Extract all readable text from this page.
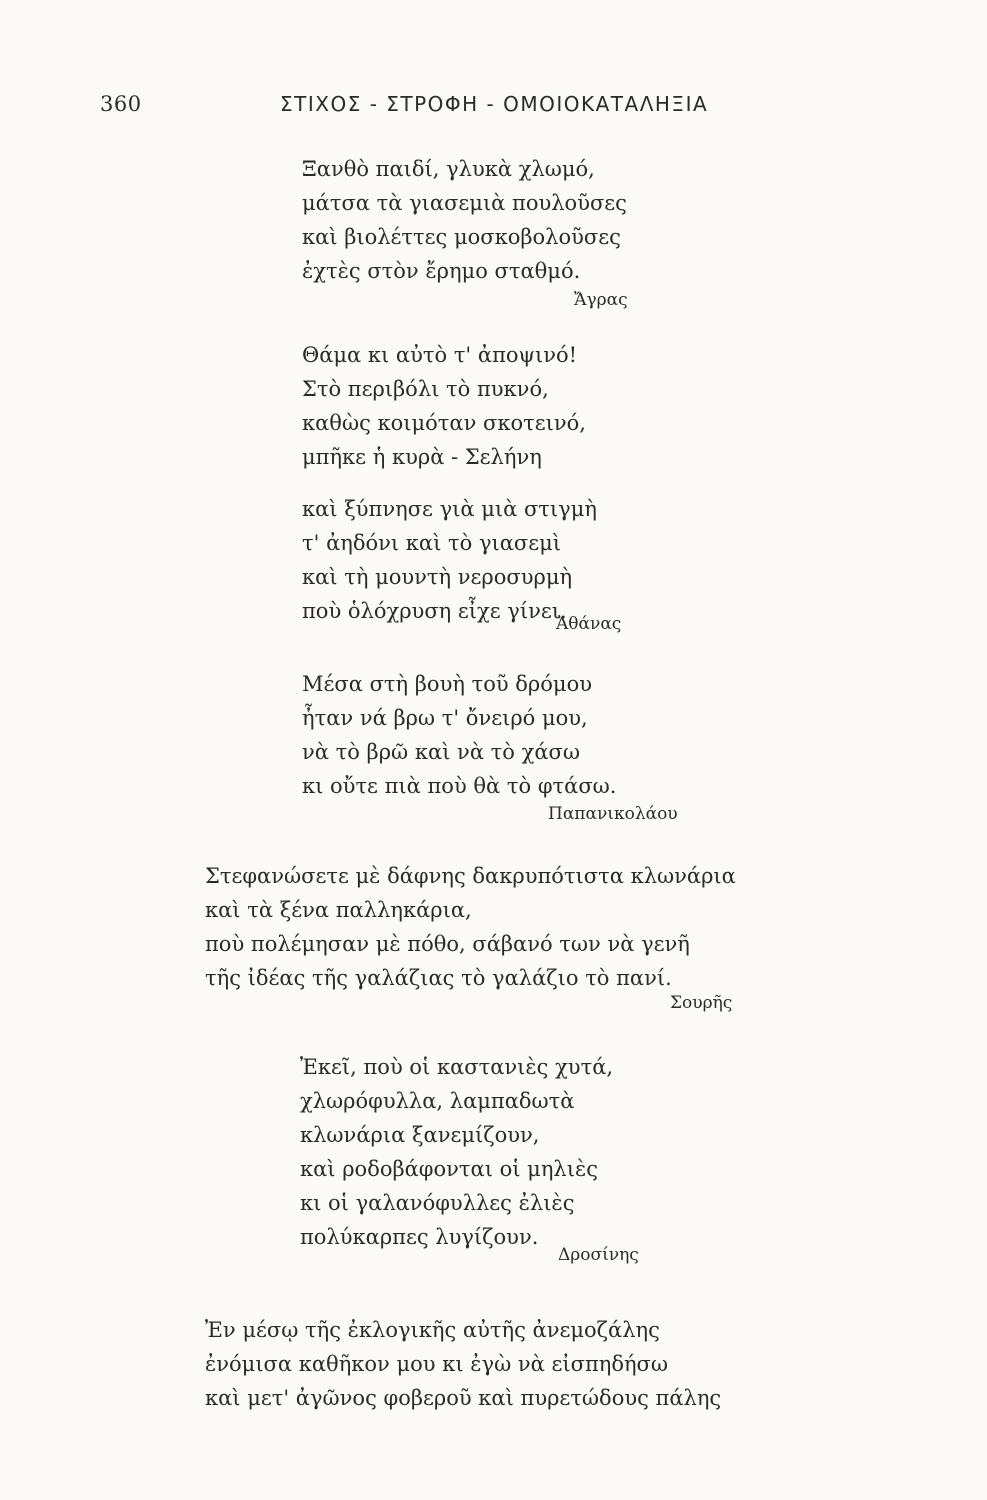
360	ΣΤΙΧΟΣ - ΣΤΡΟΦΗ - ΟΜΟΙΟΚΑΤΑΛΗΞΙΑ
Ξανθὸ παιδί, γλυκὰ χλωμό,
μάτσα τὰ γιασεμιὰ πουλοῦσες
καὶ βιολέττες μοσκοβολοῦσες
ἐχτὲς στὸν ἔρημο σταθμό.
Ἄγρας
Θάμα κι αὐτὸ τ' ἀποψινό!
Στὸ περιβόλι τὸ πυκνό,
καθὼς κοιμόταν σκοτεινό,
μπῆκε ἡ κυρὰ - Σελήνη
καὶ ξύπνησε γιὰ μιὰ στιγμὴ
τ' ἀηδόνι καὶ τὸ γιασεμὶ
καὶ τὴ μουντὴ νεροσυρμὴ
ποὺ ὁλόχρυση εἶχε γίνει.
Ἀθάνας
Μέσα στὴ βουὴ τοῦ δρόμου
ἦταν νά βρω τ' ὄνειρό μου,
νὰ τὸ βρῶ καὶ νὰ τὸ χάσω
κι οὔτε πιὰ ποὺ θὰ τὸ φτάσω.
Παπανικολάου
Στεφανώσετε μὲ δάφνης δακρυπότιστα κλωνάρια
καὶ τὰ ξένα παλληκάρια,
ποὺ πολέμησαν μὲ πόθο, σάβανό των νὰ γενῆ
τῆς ἰδέας τῆς γαλάζιας τὸ γαλάζιο τὸ πανί.
Σουρῆς
Ἐκεῖ, ποὺ οἱ καστανιὲς χυτά,
χλωρόφυλλα, λαμπαδωτὰ
κλωνάρια ξανεμίζουν,
καὶ ροδοβάφονται οἱ μηλιὲς
κι οἱ γαλανόφυλλες ἐλιὲς
πολύκαρπες λυγίζουν.
Δροσίνης
Ἐν μέσῳ τῆς ἐκλογικῆς αὐτῆς ἀνεμοζάλης
ἐνόμισα καθῆκον μου κι ἐγὼ νὰ εἰσπηδήσω
καὶ μετ' ἀγῶνος φοβεροῦ καὶ πυρετώδους πάλης
